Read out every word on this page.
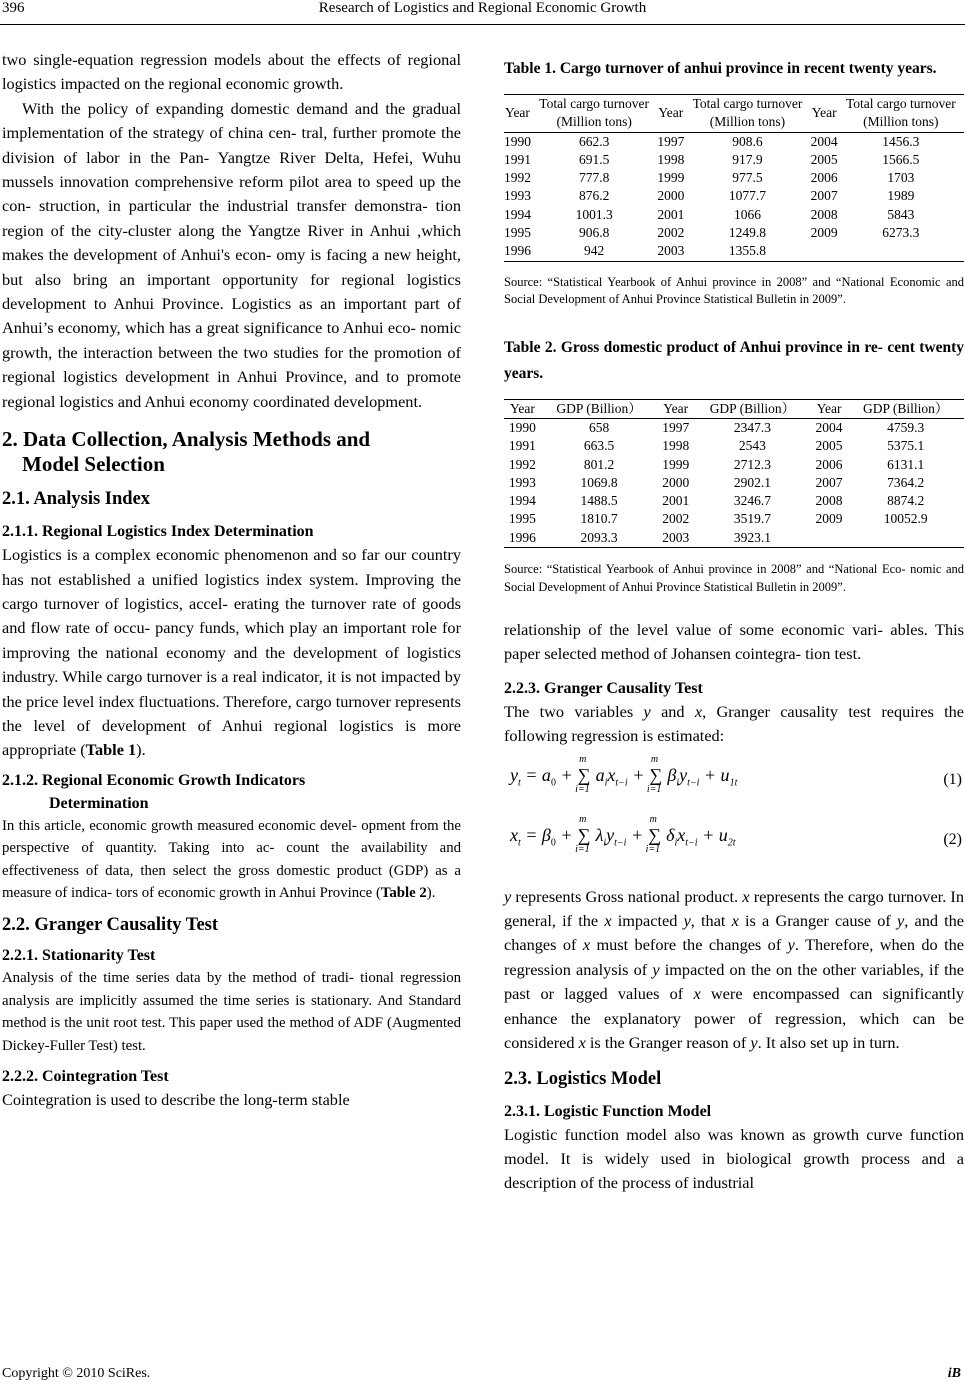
396	Research of Logistics and Regional Economic Growth

two single-equation regression models about the effects of regional logistics impacted on the regional economic growth.

With the policy of expanding domestic demand and the gradual implementation of the strategy of china cen- tral, further promote the division of labor in the Pan- Yangtze River Delta, Hefei, Wuhu mussels innovation comprehensive reform pilot area to speed up the con- struction, in particular the industrial transfer demonstra- tion region of the city-cluster along the Yangtze River in Anhui ,which makes the development of Anhui's econ- omy is facing a new height, but also bring an important opportunity for regional logistics development to Anhui Province. Logistics as an important part of Anhui’s economy, which has a great significance to Anhui eco- nomic growth, the interaction between the two studies for the promotion of regional logistics development in Anhui Province, and to promote regional logistics and Anhui economy coordinated development.

2. Data Collection, Analysis Methods and
Model Selection
2.1. Analysis Index
2.1.1. Regional Logistics Index Determination

Logistics is a complex economic phenomenon and so far our country has not established a unified logistics index system. Improving the cargo turnover of logistics, accel- erating the turnover rate of goods and flow rate of occu- pancy funds, which play an important role for improving the national economy and the development of logistics industry. While cargo turnover is a real indicator, it is not impacted by the price level index fluctuations. Therefore, cargo turnover represents the level of development of Anhui regional logistics is more appropriate (Table 1).

2.1.2. Regional Economic Growth Indicators
Determination

In this article, economic growth measured economic devel- opment from the perspective of quantity. Taking into ac- count the availability and effectiveness of data, then select the gross domestic product (GDP) as a measure of indica- tors of economic growth in Anhui Province (Table 2).

2.2. Granger Causality Test
2.2.1. Stationarity Test

Analysis of the time series data by the method of tradi- tional regression analysis are implicitly assumed the time series is stationary. And Standard method is the unit root test. This paper used the method of ADF (Augmented Dickey-Fuller Test) test.

2.2.2. Cointegration Test

Cointegration is used to describe the long-term stable

Table 1. Cargo turnover of anhui province in recent twenty years.

Year	Total cargo turnover (Million tons)	Year	Total cargo turnover (Million tons)	Year	Total cargo turnover (Million tons)
1990	662.3	1997	908.6	2004	1456.3
1991	691.5	1998	917.9	2005	1566.5
1992	777.8	1999	977.5	2006	1703
1993	876.2	2000	1077.7	2007	1989
1994	1001.3	2001	1066	2008	5843
1995	906.8	2002	1249.8	2009	6273.3
1996	942	2003	1355.8		

Source: “Statistical Yearbook of Anhui province in 2008” and “National Economic and Social Development of Anhui Province Statistical Bulletin in 2009”.

Table 2. Gross domestic product of Anhui province in re- cent twenty years.

Year	GDP (Billion）	Year	GDP (Billion）	Year	GDP (Billion）
1990	658	1997	2347.3	2004	4759.3
1991	663.5	1998	2543	2005	5375.1
1992	801.2	1999	2712.3	2006	6131.1
1993	1069.8	2000	2902.1	2007	7364.2
1994	1488.5	2001	3246.7	2008	8874.2
1995	1810.7	2002	3519.7	2009	10052.9
1996	2093.3	2003	3923.1		

Source: “Statistical Yearbook of Anhui province in 2008” and “National Eco- nomic and Social Development of Anhui Province Statistical Bulletin in 2009”.

relationship of the level value of some economic vari- ables. This paper selected method of Johansen cointegra- tion test.

2.2.3. Granger Causality Test

The two variables y and x, Granger causality test requires the following regression is estimated:

$y_t = a_0$ + ∑
m
i=1
$a_ix_{t-i}$ + ∑
m
i=1
$\beta_iy_{t-i} + u_{1t}$	(1)
$x_t = \beta_0$ + ∑
m
i=1
$\lambda_iy_{t-i}$ + ∑
m
i=1
$\delta_ix_{t-i} + u_{2t}$	(2)

y represents Gross national product. x represents the cargo turnover. In general, if the x impacted y, that x is a Granger cause of y, and the changes of x must before the changes of y. Therefore, when do the regression analysis of y impacted on the on the other variables, if the past or lagged values of x were encompassed can significantly enhance the explanatory power of regression, which can be considered x is the Granger reason of y. It also set up in turn.

2.3. Logistics Model
2.3.1. Logistic Function Model

Logistic function model also was known as growth curve function model. It is widely used in biological growth process and a description of the process of industrial

Copyright © 2010 SciRes.	iB
